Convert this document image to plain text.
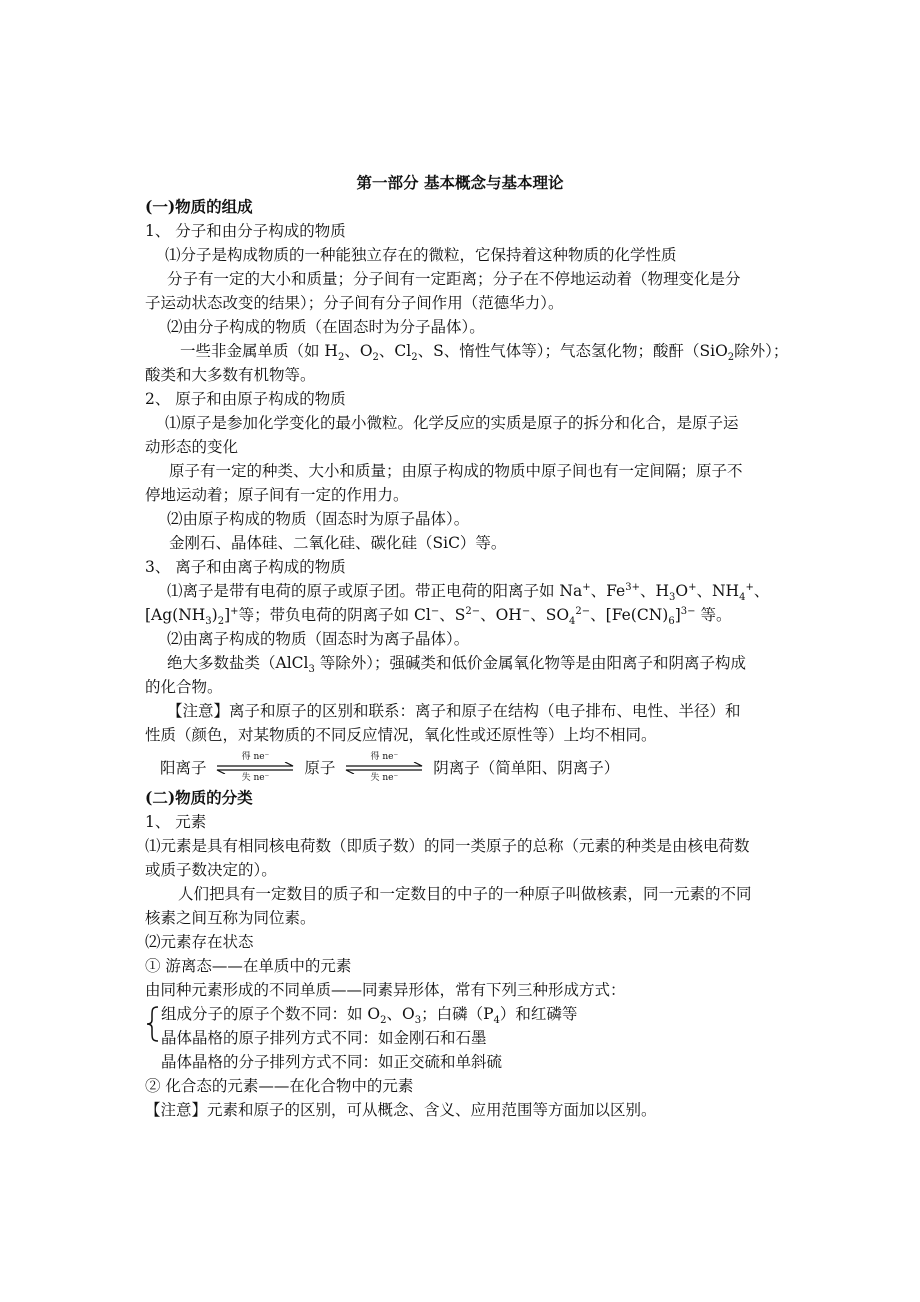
第一部分 基本概念与基本理论
(一)物质的组成
1、 分子和由分子构成的物质
⑴分子是构成物质的一种能独立存在的微粒，它保持着这种物质的化学性质
分子有一定的大小和质量；分子间有一定距离；分子在不停地运动着（物理变化是分
子运动状态改变的结果）；分子间有分子间作用（范德华力）。
⑵由分子构成的物质（在固态时为分子晶体）。
一些非金属单质（如 $H_2$、$O_2$、$Cl_2$、S、惰性气体等）；气态氢化物；酸酐（SiO$_2$除外）；
酸类和大多数有机物等。
2、 原子和由原子构成的物质
⑴原子是参加化学变化的最小微粒。化学反应的实质是原子的拆分和化合，是原子运
动形态的变化
原子有一定的种类、大小和质量；由原子构成的物质中原子间也有一定间隔；原子不
停地运动着；原子间有一定的作用力。
⑵由原子构成的物质（固态时为原子晶体）。
金刚石、晶体硅、二氧化硅、碳化硅（SiC）等。
3、 离子和由离子构成的物质
⑴离子是带有电荷的原子或原子团。带正电荷的阳离子如 Na+、$Fe^{3+}$、$H_3O^+$、$NH_4^+$、
$[Ag(NH_3)_2]^+$等；带负电荷的阴离子如 Cl−、$S^{2-}$、OH−、$SO_4^{2-}$、$[Fe(CN)_6]^{3-}$ 等。
⑵由离子构成的物质（固态时为离子晶体）。
绝大多数盐类（AlCl$_3$ 等除外）；强碱类和低价金属氧化物等是由阳离子和阴离子构成
的化合物。
【注意】离子和原子的区别和联系：离子和原子在结构（电子排布、电性、半径）和
性质（颜色，对某物质的不同反应情况，氧化性或还原性等）上均不相同。
阳离子
得 ne⁻
失 ne⁻
原子
得 ne⁻
失 ne⁻
阴离子（简单阳、阴离子）
(二)物质的分类
1、 元素
⑴元素是具有相同核电荷数（即质子数）的同一类原子的总称（元素的种类是由核电荷数
或质子数决定的）。
人们把具有一定数目的质子和一定数目的中子的一种原子叫做核素，同一元素的不同
核素之间互称为同位素。
⑵元素存在状态
① 游离态——在单质中的元素
由同种元素形成的不同单质——同素异形体，常有下列三种形成方式：
组成分子的原子个数不同：如 $O_2$、$O_3$；白磷$(P_4)$和红磷等
晶体晶格的原子排列方式不同：如金刚石和石墨
晶体晶格的分子排列方式不同：如正交硫和单斜硫
② 化合态的元素——在化合物中的元素
【注意】元素和原子的区别，可从概念、含义、应用范围等方面加以区别。
